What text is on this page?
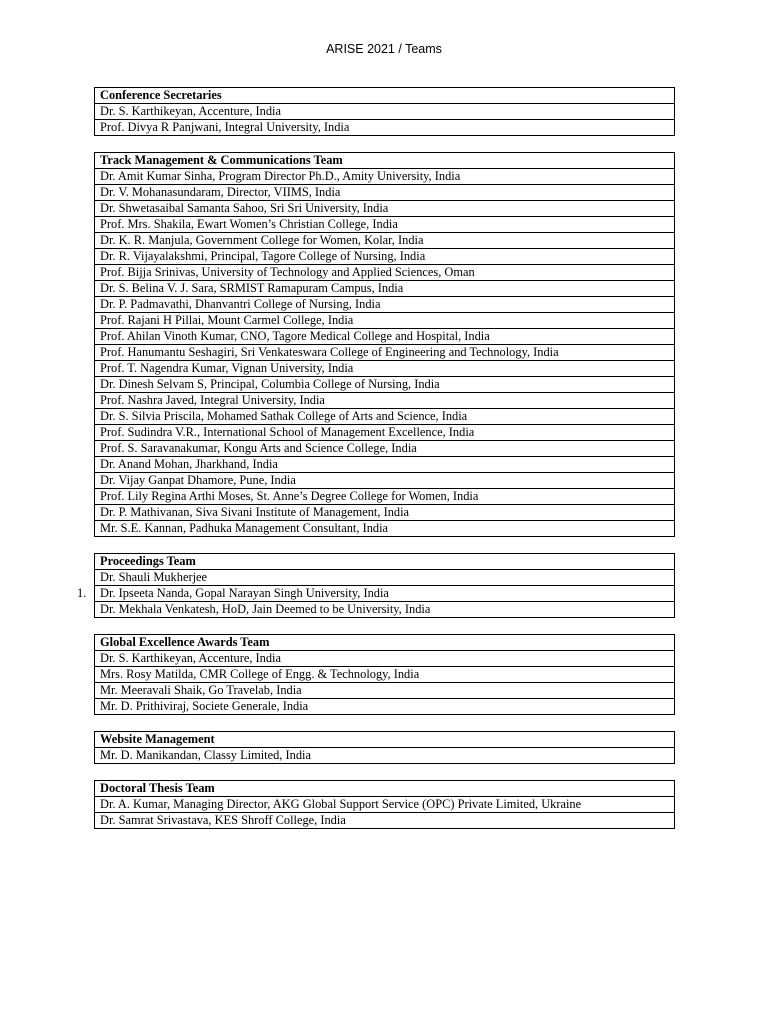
ARISE 2021 / Teams
Conference Secretaries
Dr. S. Karthikeyan, Accenture, India
Prof. Divya R Panjwani, Integral University, India
Track Management & Communications Team
Dr. Amit Kumar Sinha, Program Director Ph.D., Amity University, India
Dr. V. Mohanasundaram, Director, VIIMS, India
Dr. Shwetasaibal Samanta Sahoo, Sri Sri University, India
Prof. Mrs. Shakila, Ewart Women’s Christian College, India
Dr. K. R. Manjula, Government College for Women, Kolar, India
Dr. R. Vijayalakshmi, Principal, Tagore College of Nursing, India
Prof. Bijja Srinivas, University of Technology and Applied Sciences, Oman
Dr. S. Belina V. J. Sara, SRMIST Ramapuram Campus, India
Dr. P. Padmavathi, Dhanvantri College of Nursing, India
Prof. Rajani H Pillai, Mount Carmel College, India
Prof. Ahilan Vinoth Kumar, CNO, Tagore Medical College and Hospital, India
Prof. Hanumantu Seshagiri, Sri Venkateswara College of Engineering and Technology, India
Prof. T. Nagendra Kumar, Vignan University, India
Dr. Dinesh Selvam S, Principal, Columbia College of Nursing, India
Prof. Nashra Javed, Integral University, India
Dr. S. Silvia Priscila, Mohamed Sathak College of Arts and Science, India
Prof. Sudindra V.R., International School of Management Excellence, India
Prof. S. Saravanakumar, Kongu Arts and Science College, India
Dr. Anand Mohan, Jharkhand, India
Dr. Vijay Ganpat Dhamore, Pune, India
Prof. Lily Regina Arthi Moses, St. Anne’s Degree College for Women, India
Dr. P. Mathivanan, Siva Sivani Institute of Management, India
Mr. S.E. Kannan, Padhuka Management Consultant, India
Proceedings Team
Dr. Shauli Mukherjee
Dr. Ipseeta Nanda, Gopal Narayan Singh University, India
Dr. Mekhala Venkatesh, HoD, Jain Deemed to be University, India
1.
Global Excellence Awards Team
Dr. S. Karthikeyan, Accenture, India
Mrs. Rosy Matilda, CMR College of Engg. & Technology, India
Mr. Meeravali Shaik, Go Travelab, India
Mr. D. Prithiviraj, Societe Generale, India
Website Management
Mr. D. Manikandan, Classy Limited, India
Doctoral Thesis Team
Dr. A. Kumar, Managing Director, AKG Global Support Service (OPC) Private Limited, Ukraine
Dr. Samrat Srivastava, KES Shroff College, India
